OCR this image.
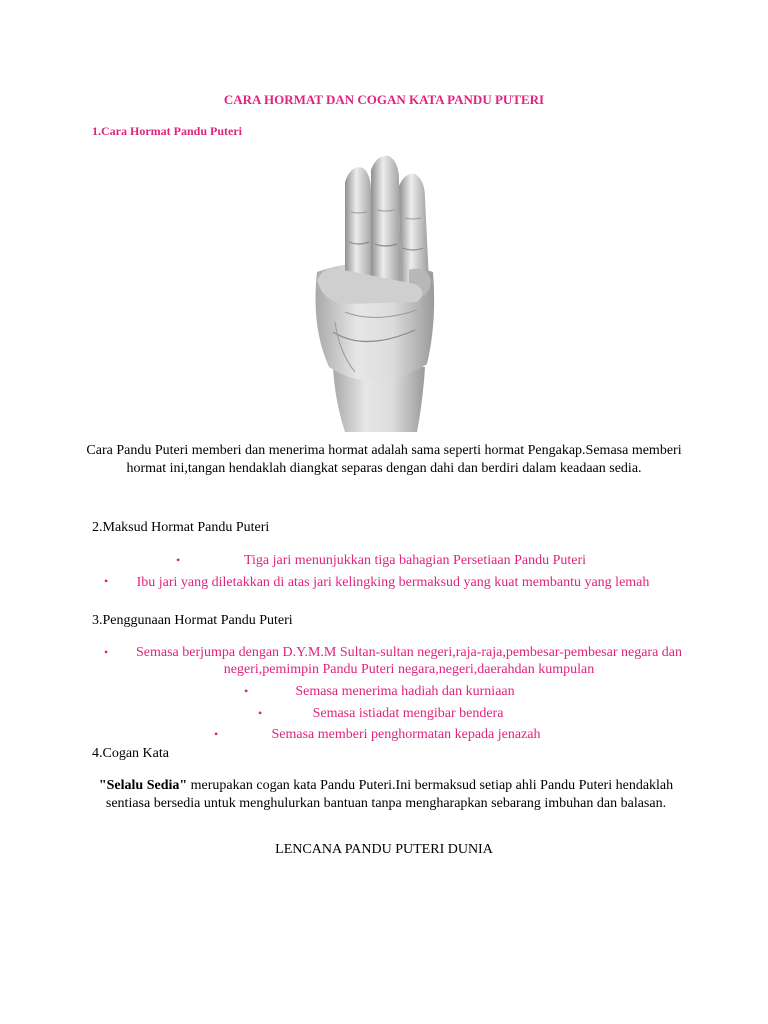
CARA HORMAT DAN COGAN KATA PANDU PUTERI
1.Cara Hormat Pandu Puteri
Cara Pandu Puteri memberi dan menerima hormat adalah sama seperti hormat Pengakap.Semasa memberi hormat ini,tangan hendaklah diangkat separas dengan dahi dan berdiri dalam keadaan sedia.
2.Maksud Hormat Pandu Puteri
•	Tiga jari menunjukkan tiga bahagian Persetiaan Pandu Puteri
•	Ibu jari yang diletakkan di atas jari kelingking bermaksud yang kuat membantu yang lemah
3.Penggunaan Hormat Pandu Puteri
• Semasa berjumpa dengan D.Y.M.M Sultan-sultan negeri,raja-raja,pembesar-pembesar negara dan negeri,pemimpin Pandu Puteri negara,negeri,daerahdan kumpulan
•	Semasa menerima hadiah dan kurniaan
•	Semasa istiadat mengibar bendera
•	Semasa memberi penghormatan kepada jenazah
4.Cogan Kata
"Selalu Sedia" merupakan cogan kata Pandu Puteri.Ini bermaksud setiap ahli Pandu Puteri hendaklah sentiasa bersedia untuk menghulurkan bantuan tanpa mengharapkan sebarang imbuhan dan balasan.
LENCANA PANDU PUTERI DUNIA
